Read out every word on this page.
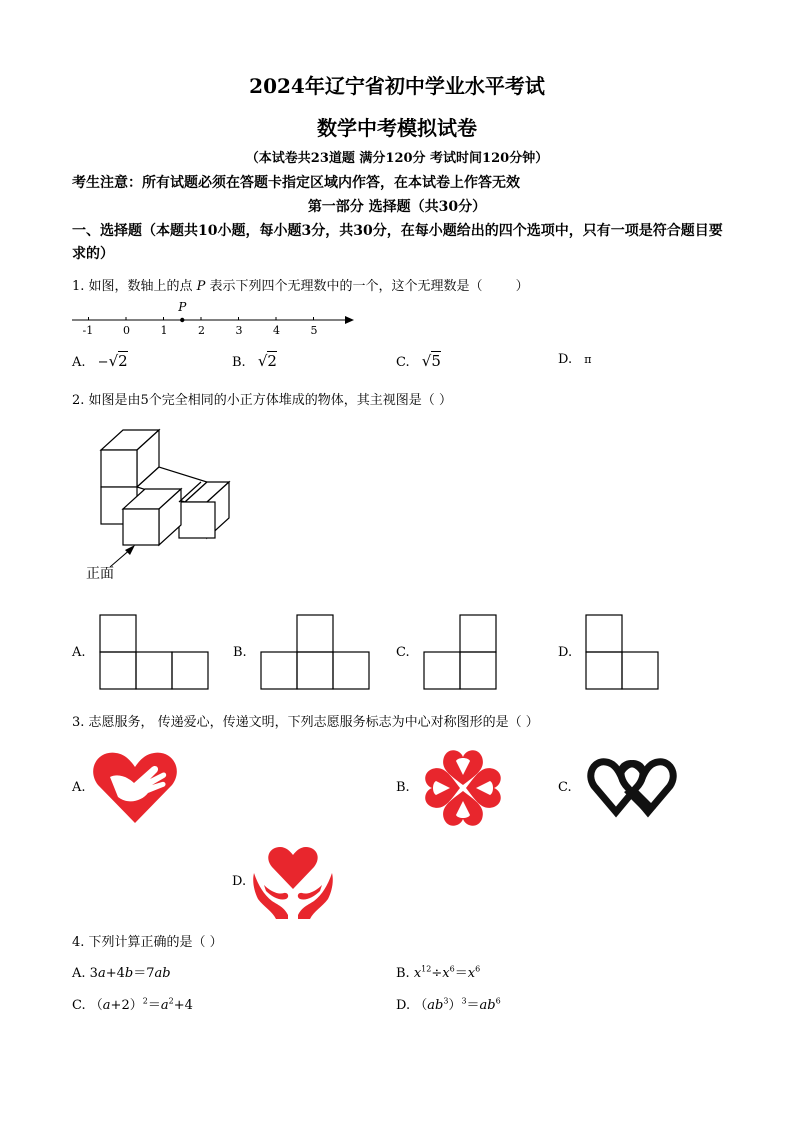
2024年辽宁省初中学业水平考试
数学中考模拟试卷
（本试卷共23道题 满分120分 考试时间120分钟）
考生注意：所有试题必须在答题卡指定区域内作答，在本试卷上作答无效
第一部分 选择题（共30分）
一、选择题（本题共10小题，每小题3分，共30分，在每小题给出的四个选项中，只有一项是符合题目要求的）
1. 如图，数轴上的点 P 表示下列四个无理数中的一个，这个无理数是（        ）
-1	0	1	2	3	4	5
P
A. −√2	B. √2	C. √5	D. π
2. 如图是由5个完全相同的小正方体堆成的物体，其主视图是（ ）
正面
A.	B.	C.	D.
3. 志愿服务， 传递爱心，传递文明，下列志愿服务标志为中心对称图形的是（ ）
A.	B.	C.
D.
4. 下列计算正确的是（ ）
A. 3a+4b＝7ab	B. $x^{12}\div x^6=x^6$
C. $(a+2)^2=a^2+4$	D. $(ab^3)^3=ab^6$
